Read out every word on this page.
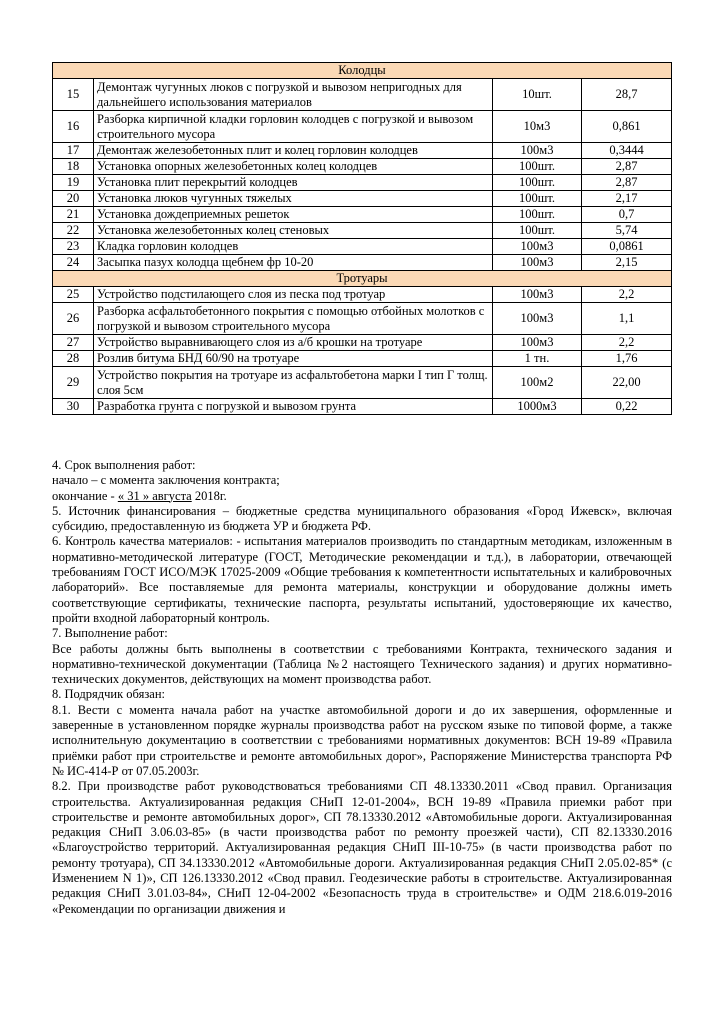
Колодцы			
15	Демонтаж чугунных люков с погрузкой и вывозом непригодных для дальнейшего использования материалов	10шт.	28,7
16	Разборка кирпичной кладки горловин колодцев с погрузкой и вывозом строительного мусора	10м3	0,861
17	Демонтаж железобетонных плит и колец горловин колодцев	100м3	0,3444
18	Установка опорных железобетонных колец колодцев	100шт.	2,87
19	Установка плит перекрытий колодцев	100шт.	2,87
20	Установка люков чугунных тяжелых	100шт.	2,17
21	Установка дождеприемных решеток	100шт.	0,7
22	Установка железобетонных колец стеновых	100шт.	5,74
23	Кладка горловин колодцев	100м3	0,0861
24	Засыпка пазух колодца щебнем фр 10-20	100м3	2,15
Тротуары			
25	Устройство подстилающего слоя из песка под тротуар	100м3	2,2
26	Разборка асфальтобетонного покрытия с помощью отбойных молотков с погрузкой и вывозом строительного мусора	100м3	1,1
27	Устройство выравнивающего слоя из а/б крошки на тротуаре	100м3	2,2
28	Розлив битума БНД 60/90 на тротуаре	1 тн.	1,76
29	Устройство покрытия на тротуаре из асфальтобетона марки I тип Г толщ. слоя 5см	100м2	22,00
30	Разработка грунта с погрузкой и вывозом грунта	1000м3	0,22

4. Срок выполнения работ:

начало – с момента заключения контракта;

окончание - « 31 » августа 2018г.

5. Источник финансирования – бюджетные средства муниципального образования «Город Ижевск», включая субсидию, предоставленную из бюджета УР и бюджета РФ.

6. Контроль качества материалов: - испытания материалов производить по стандартным методикам, изложенным в нормативно-методической литературе (ГОСТ, Методические рекомендации и т.д.), в лаборатории, отвечающей требованиям ГОСТ ИСО/МЭК 17025-2009 «Общие требования к компетентности испытательных и калибровочных лабораторий». Все поставляемые для ремонта материалы, конструкции и оборудование должны иметь соответствующие сертификаты, технические паспорта, результаты испытаний, удостоверяющие их качество, пройти входной лабораторный контроль.

7. Выполнение работ:

Все работы должны быть выполнены в соответствии с требованиями Контракта, технического задания и нормативно-технической документации (Таблица №2 настоящего Технического задания) и других нормативно-технических документов, действующих на момент производства работ.

8. Подрядчик обязан:

8.1. Вести с момента начала работ на участке автомобильной дороги и до их завершения, оформленные и заверенные в установленном порядке журналы производства работ на русском языке по типовой форме, а также исполнительную документацию в соответствии с требованиями нормативных документов: ВСН 19-89 «Правила приёмки работ при строительстве и ремонте автомобильных дорог», Распоряжение Министерства транспорта РФ № ИС-414-Р от 07.05.2003г.

8.2. При производстве работ руководствоваться требованиями СП 48.13330.2011 «Свод правил. Организация строительства. Актуализированная редакция СНиП 12-01-2004», ВСН 19-89 «Правила приемки работ при строительстве и ремонте автомобильных дорог», СП 78.13330.2012 «Автомобильные дороги. Актуализированная редакция СНиП 3.06.03-85» (в части производства работ по ремонту проезжей части), СП 82.13330.2016 «Благоустройство территорий. Актуализированная редакция СНиП III-10-75» (в части производства работ по ремонту тротуара), СП 34.13330.2012 «Автомобильные дороги. Актуализированная редакция СНиП 2.05.02-85* (с Изменением N 1)», СП 126.13330.2012 «Свод правил. Геодезические работы в строительстве. Актуализированная редакция СНиП 3.01.03-84», СНиП 12-04-2002 «Безопасность труда в строительстве» и ОДМ 218.6.019-2016 «Рекомендации по организации движения и
